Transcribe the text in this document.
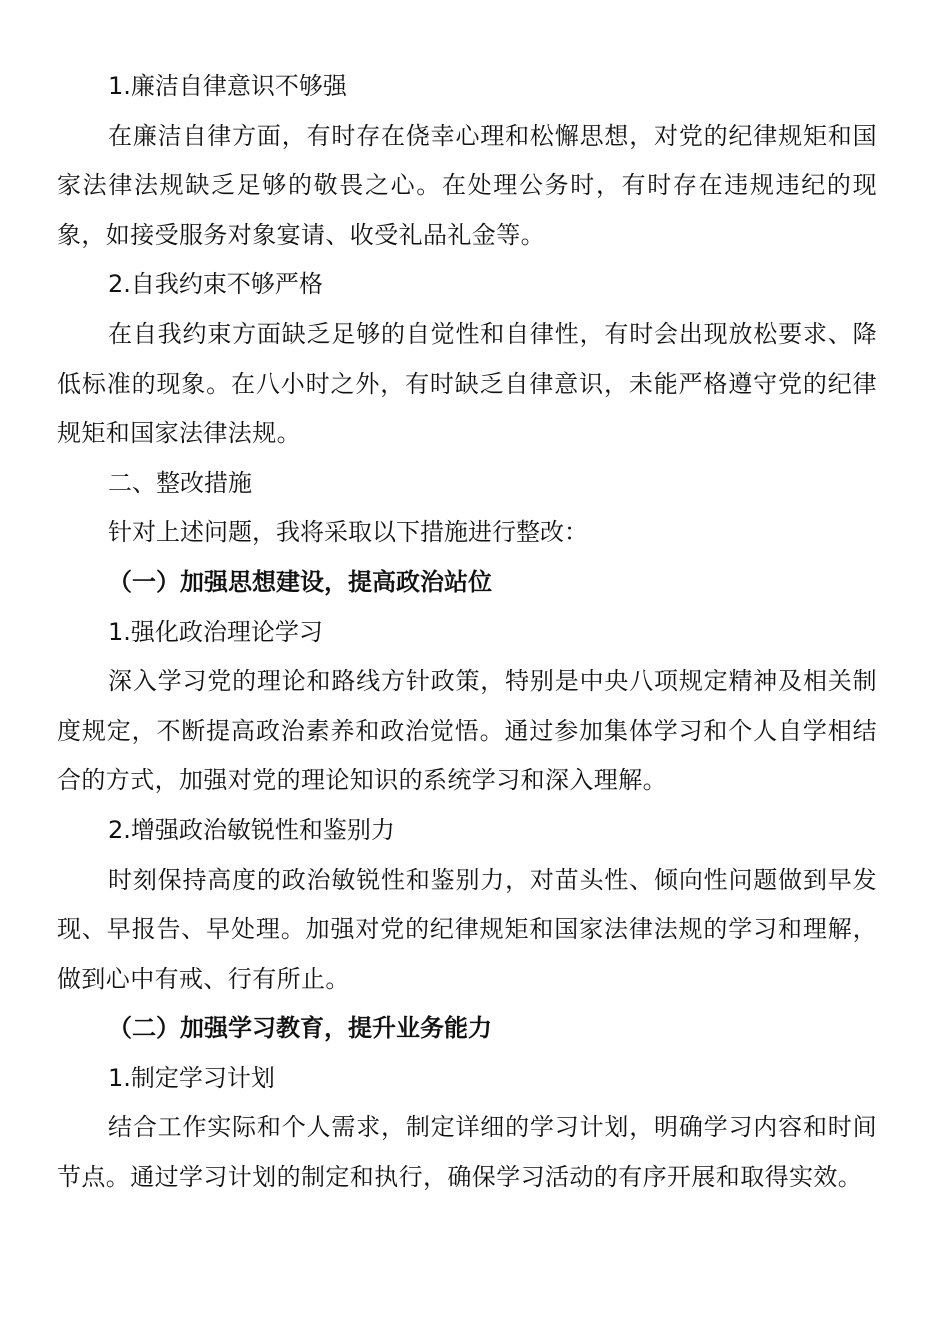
1.廉洁自律意识不够强

在廉洁自律方面，有时存在侥幸心理和松懈思想，对党的纪律规矩和国家法律法规缺乏足够的敬畏之心。在处理公务时，有时存在违规违纪的现象，如接受服务对象宴请、收受礼品礼金等。

2.自我约束不够严格

在自我约束方面缺乏足够的自觉性和自律性，有时会出现放松要求、降低标准的现象。在八小时之外，有时缺乏自律意识，未能严格遵守党的纪律规矩和国家法律法规。

二、整改措施

针对上述问题，我将采取以下措施进行整改：

（一）加强思想建设，提高政治站位

1.强化政治理论学习

深入学习党的理论和路线方针政策，特别是中央八项规定精神及相关制度规定，不断提高政治素养和政治觉悟。通过参加集体学习和个人自学相结合的方式，加强对党的理论知识的系统学习和深入理解。

2.增强政治敏锐性和鉴别力

时刻保持高度的政治敏锐性和鉴别力，对苗头性、倾向性问题做到早发现、早报告、早处理。加强对党的纪律规矩和国家法律法规的学习和理解，做到心中有戒、行有所止。

（二）加强学习教育，提升业务能力

1.制定学习计划

结合工作实际和个人需求，制定详细的学习计划，明确学习内容和时间节点。通过学习计划的制定和执行，确保学习活动的有序开展和取得实效。
